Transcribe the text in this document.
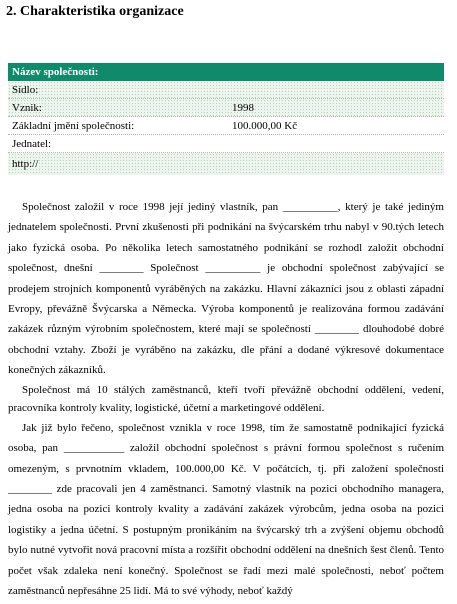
2. Charakteristika organizace
Název společnosti:
Sídlo:
Vznik:	1998
Základní jmění společnosti:	100.000,00 Kč
Jednatel:
http://

Společnost založil v roce 1998 její jediný vlastník, pan __________, který je také jediným jednatelem společnosti. První zkušenosti při podnikání na švýcarském trhu nabyl v 90.tých letech jako fyzická osoba. Po několika letech samostatného podnikání se rozhodl založit obchodní společnost, dnešní ________ Společnost __________ je obchodní společnost zabývající se prodejem strojních komponentů vyráběných na zakázku. Hlavní zákazníci jsou z oblasti západní Evropy, převážně Švýcarska a Německa. Výroba komponentů je realizována formou zadávání zakázek různým výrobním společnostem, které mají se společností ________ dlouhodobé dobré obchodní vztahy. Zboží je vyráběno na zakázku, dle přání a dodané výkresové dokumentace konečných zákazníků.

Společnost má 10 stálých zaměstnanců, kteří tvoří převážně obchodní oddělení, vedení, pracovníka kontroly kvality, logistické, účetní a marketingové oddělení.

Jak již bylo řečeno, společnost vznikla v roce 1998, tím že samostatně podnikající fyzická osoba, pan ___________ založil obchodní společnost s právní formou společnost s ručením omezeným, s prvnotním vkladem, 100.000,00 Kč. V počátcích, tj. při založení společnosti ________ zde pracovali jen 4 zaměstnanci. Samotný vlastník na pozici obchodního managera, jedna osoba na pozici kontroly kvality a zadávání zakázek výrobcům, jedna osoba na pozici logistiky a jedna účetní. S postupným pronikáním na švýcarský trh a zvýšení objemu obchodů bylo nutné vytvořit nová pracovní místa a rozšířit obchodní oddělení na dnešních šest členů. Tento počet však zdaleka není konečný. Společnost se řadí mezi malé společnosti, neboť počtem zaměstnanců nepřesáhne 25 lidí. Má to své výhody, neboť každý
